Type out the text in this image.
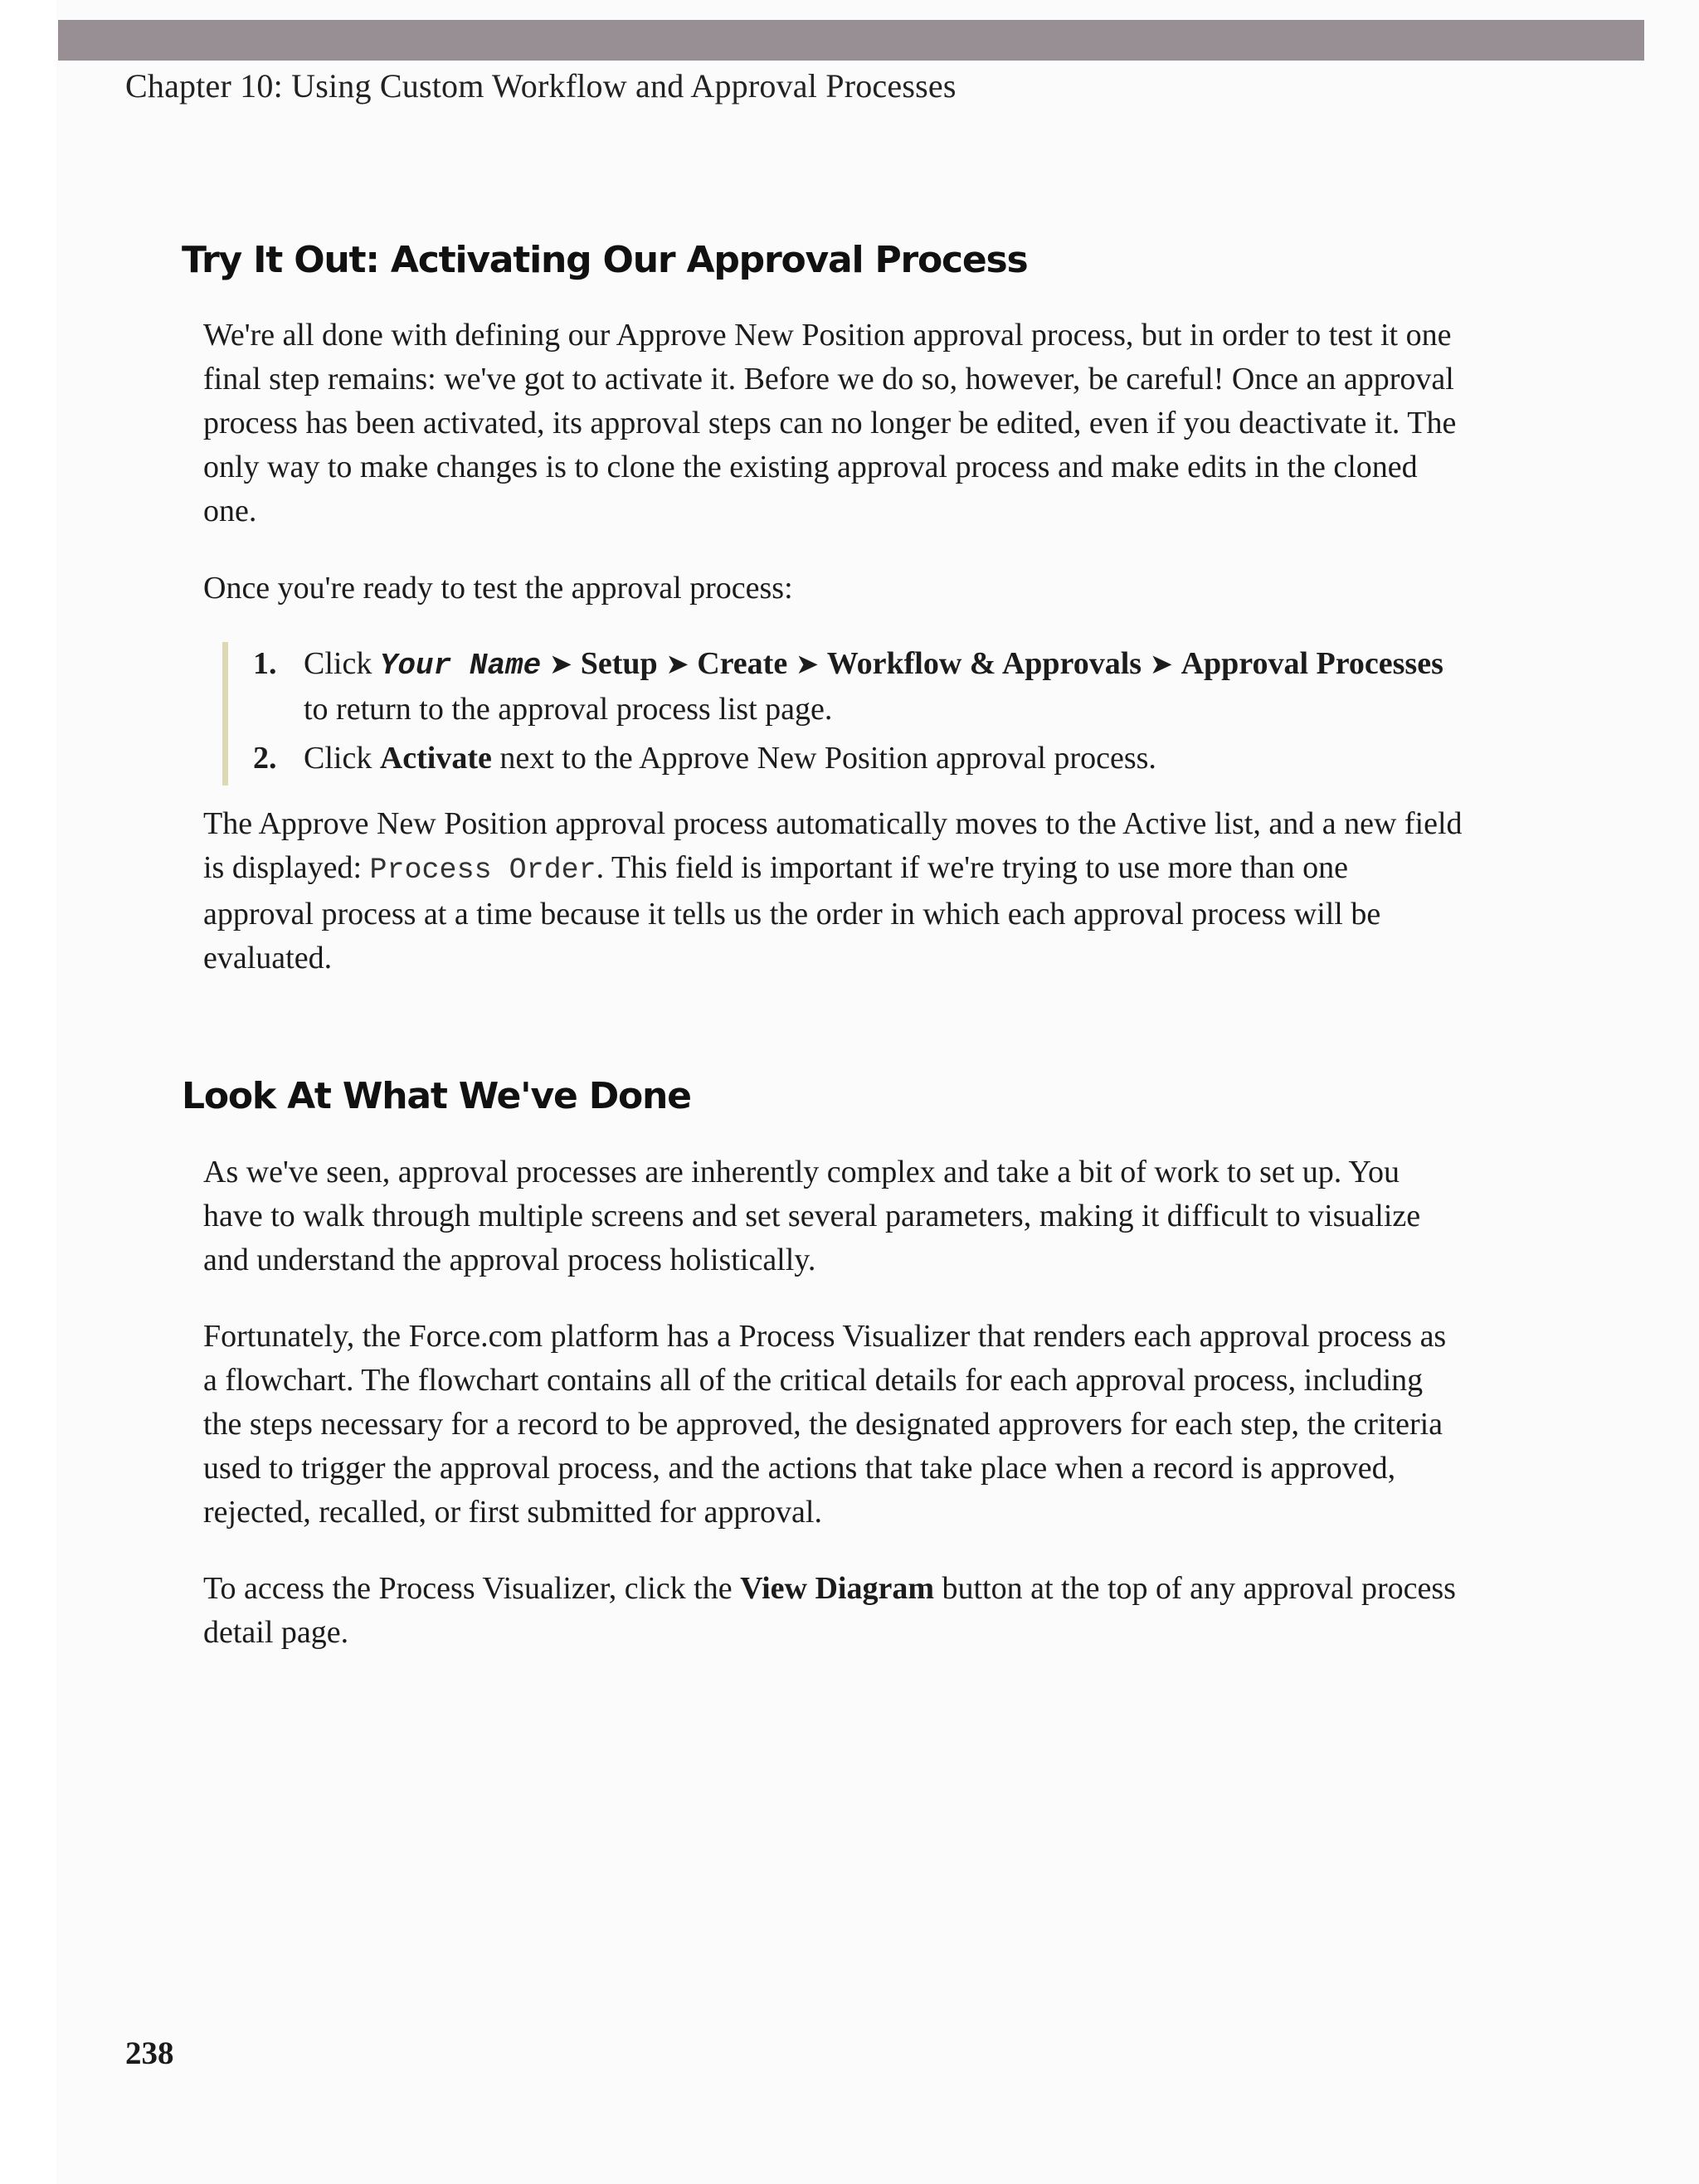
Chapter 10: Using Custom Workflow and Approval Processes
Try It Out: Activating Our Approval Process

We're all done with defining our Approve New Position approval process, but in order to test it one final step remains: we've got to activate it. Before we do so, however, be careful! Once an approval process has been activated, its approval steps can no longer be edited, even if you deactivate it. The only way to make changes is to clone the existing approval process and make edits in the cloned one.

Once you're ready to test the approval process:

1. Click Your Name ➤ Setup ➤ Create ➤ Workflow & Approvals ➤ Approval Processes to return to the approval process list page.
2. Click Activate next to the Approve New Position approval process.

The Approve New Position approval process automatically moves to the Active list, and a new field is displayed: Process Order. This field is important if we're trying to use more than one approval process at a time because it tells us the order in which each approval process will be evaluated.

Look At What We've Done

As we've seen, approval processes are inherently complex and take a bit of work to set up. You have to walk through multiple screens and set several parameters, making it difficult to visualize and understand the approval process holistically.

Fortunately, the Force.com platform has a Process Visualizer that renders each approval process as a flowchart. The flowchart contains all of the critical details for each approval process, including the steps necessary for a record to be approved, the designated approvers for each step, the criteria used to trigger the approval process, and the actions that take place when a record is approved, rejected, recalled, or first submitted for approval.

To access the Process Visualizer, click the View Diagram button at the top of any approval process detail page.

238
